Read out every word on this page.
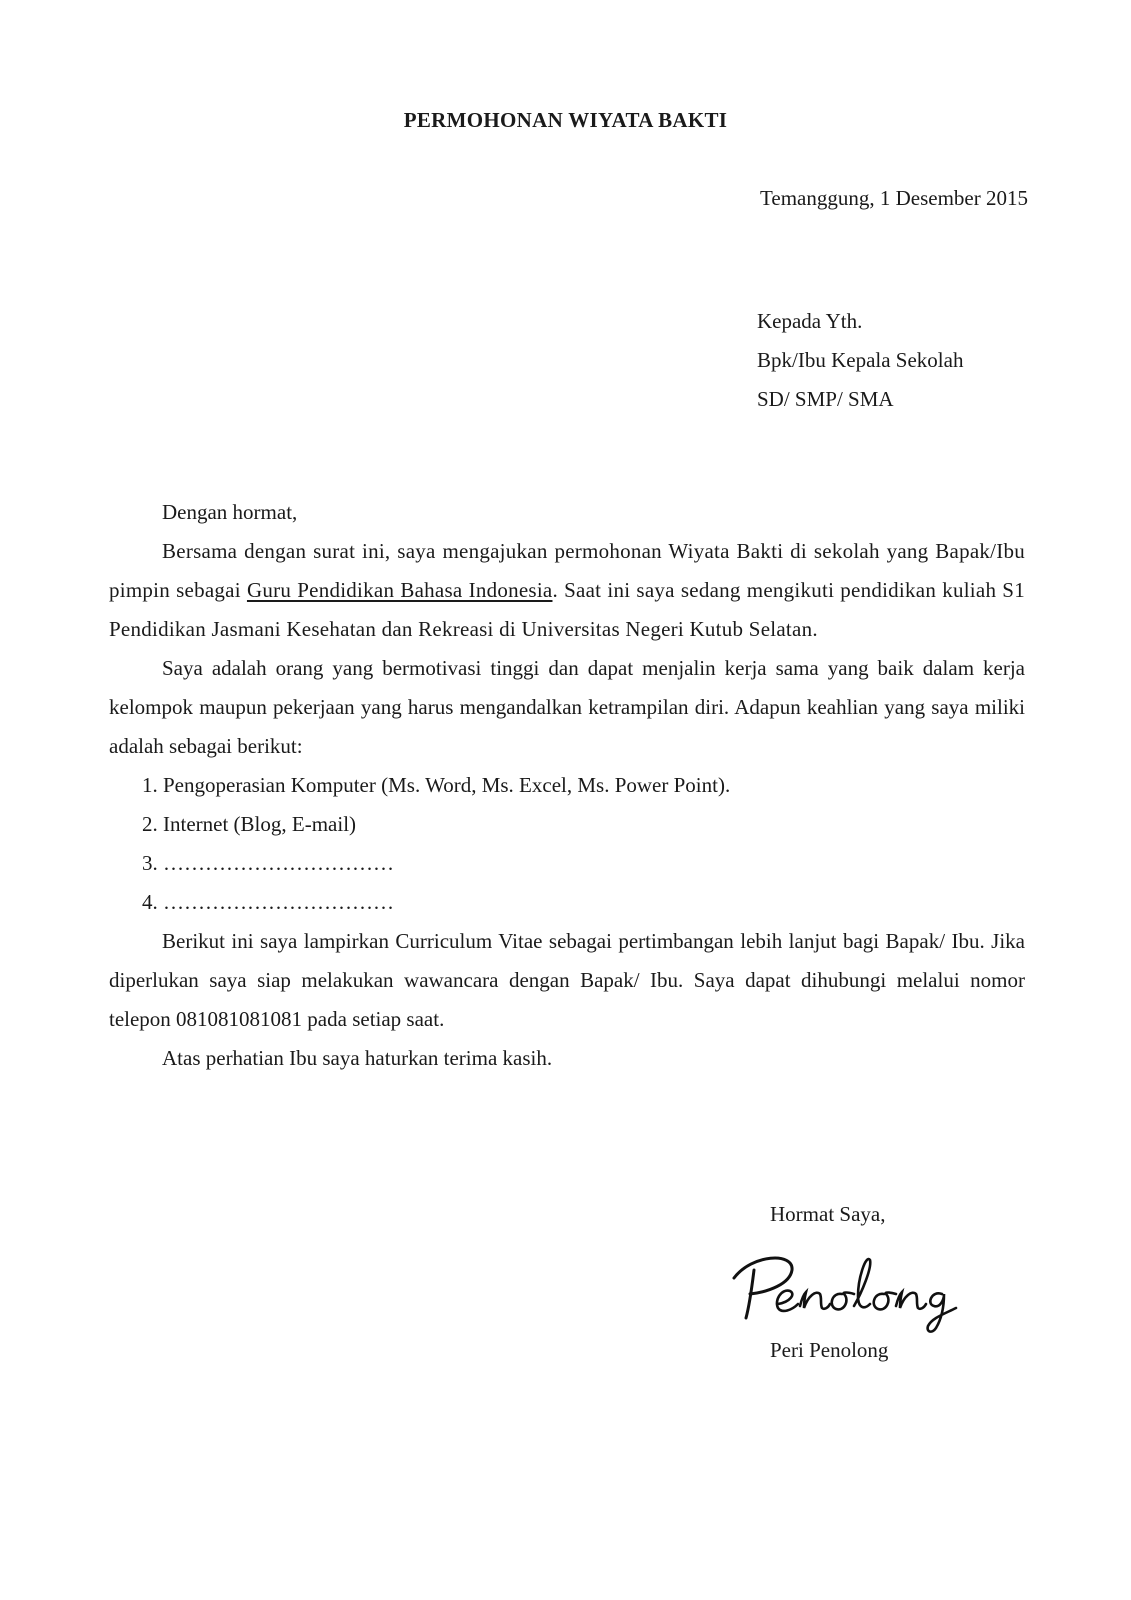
PERMOHONAN WIYATA BAKTI
Temanggung, 1 Desember 2015
Kepada Yth.
Bpk/Ibu Kepala Sekolah
SD/ SMP/ SMA
Dengan hormat,
Bersama dengan surat ini, saya mengajukan permohonan Wiyata Bakti di sekolah yang Bapak/Ibu pimpin sebagai Guru Pendidikan Bahasa Indonesia. Saat ini saya sedang mengikuti pendidikan kuliah S1 Pendidikan Jasmani Kesehatan dan Rekreasi di Universitas Negeri Kutub Selatan.
Saya adalah orang yang bermotivasi tinggi dan dapat menjalin kerja sama yang baik dalam kerja kelompok maupun pekerjaan yang harus mengandalkan ketrampilan diri. Adapun keahlian yang saya miliki adalah sebagai berikut:
1. Pengoperasian Komputer (Ms. Word, Ms. Excel, Ms. Power Point).
2. Internet (Blog, E-mail)
3. ……………………………
4. ……………………………
Berikut ini saya lampirkan Curriculum Vitae sebagai pertimbangan lebih lanjut bagi Bapak/ Ibu. Jika diperlukan saya siap melakukan wawancara dengan Bapak/ Ibu. Saya dapat dihubungi melalui nomor telepon 081081081081 pada setiap saat.
Atas perhatian Ibu saya haturkan terima kasih.
Hormat Saya,
Peri Penolong
